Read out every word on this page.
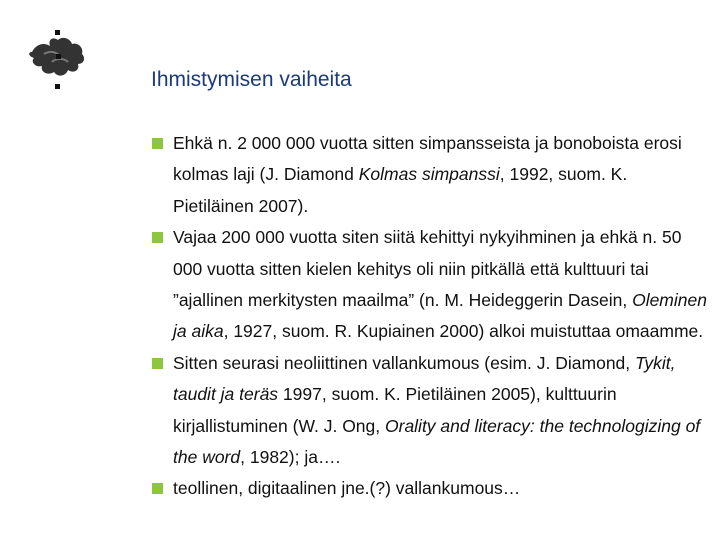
Ihmistymisen vaiheita
Ehkä n. 2 000 000 vuotta sitten simpansseista ja bonoboista erosi kolmas laji (J. Diamond Kolmas simpanssi, 1992, suom. K. Pietiläinen 2007).
Vajaa 200 000 vuotta siten siitä kehittyi nykyihminen ja ehkä n. 50 000 vuotta sitten kielen kehitys oli niin pitkällä että kulttuuri tai ”ajallinen merkitysten maailma” (n. M. Heideggerin Dasein, Oleminen ja aika, 1927, suom. R. Kupiainen 2000) alkoi muistuttaa omaamme.
Sitten seurasi neoliittinen vallankumous (esim. J. Diamond, Tykit, taudit ja teräs 1997, suom. K. Pietiläinen 2005), kulttuurin kirjallistuminen (W. J. Ong, Orality and literacy: the technologizing of the word, 1982); ja….
teollinen, digitaalinen jne.(?) vallankumous…
